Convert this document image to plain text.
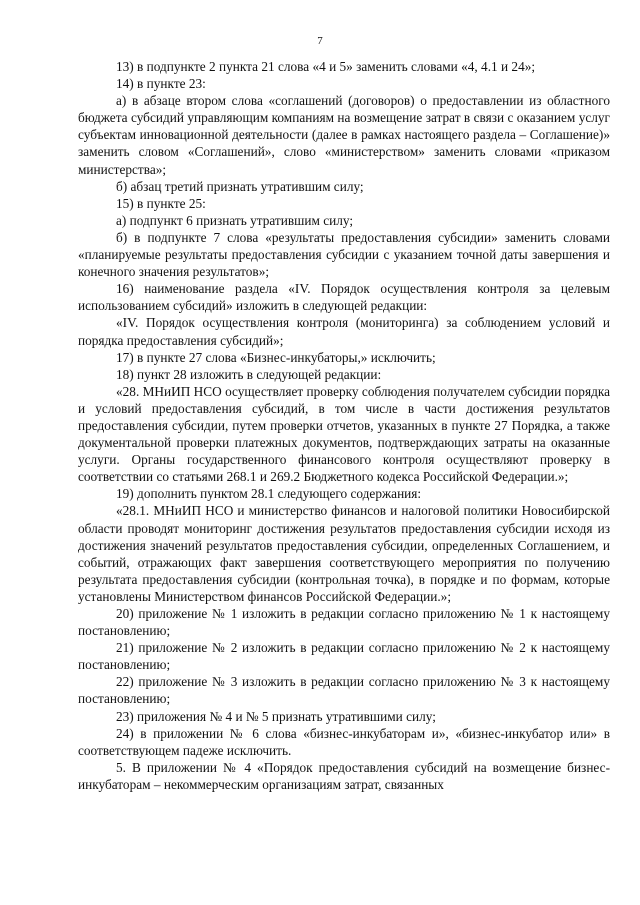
7

13) в подпункте 2 пункта 21 слова «4 и 5» заменить словами «4, 4.1 и 24»;

14) в пункте 23:

а) в абзаце втором слова «соглашений (договоров) о предоставлении из областного бюджета субсидий управляющим компаниям на возмещение затрат в связи с оказанием услуг субъектам инновационной деятельности (далее в рамках настоящего раздела – Соглашение)» заменить словом «Соглашений», слово «министерством» заменить словами «приказом министерства»;

б) абзац третий признать утратившим силу;

15) в пункте 25:

а) подпункт 6 признать утратившим силу;

б) в подпункте 7 слова «результаты предоставления субсидии» заменить словами «планируемые результаты предоставления субсидии с указанием точной даты завершения и конечного значения результатов»;

16) наименование раздела «IV. Порядок осуществления контроля за целевым использованием субсидий» изложить в следующей редакции:

«IV. Порядок осуществления контроля (мониторинга) за соблюдением условий и порядка предоставления субсидий»;

17) в пункте 27 слова «Бизнес-инкубаторы,» исключить;

18) пункт 28 изложить в следующей редакции:

«28. МНиИП НСО осуществляет проверку соблюдения получателем субсидии порядка и условий предоставления субсидий, в том числе в части достижения результатов предоставления субсидии, путем проверки отчетов, указанных в пункте 27 Порядка, а также документальной проверки платежных документов, подтверждающих затраты на оказанные услуги. Органы государственного финансового контроля осуществляют проверку в соответствии со статьями 268.1 и 269.2 Бюджетного кодекса Российской Федерации.»;

19) дополнить пунктом 28.1 следующего содержания:

«28.1. МНиИП НСО и министерство финансов и налоговой политики Новосибирской области проводят мониторинг достижения результатов предоставления субсидии исходя из достижения значений результатов предоставления субсидии, определенных Соглашением, и событий, отражающих факт завершения соответствующего мероприятия по получению результата предоставления субсидии (контрольная точка), в порядке и по формам, которые установлены Министерством финансов Российской Федерации.»;

20) приложение № 1 изложить в редакции согласно приложению № 1 к настоящему постановлению;

21) приложение № 2 изложить в редакции согласно приложению № 2 к настоящему постановлению;

22) приложение № 3 изложить в редакции согласно приложению № 3 к настоящему постановлению;

23) приложения № 4 и № 5 признать утратившими силу;

24) в приложении № 6 слова «бизнес-инкубаторам и», «бизнес-инкубатор или» в соответствующем падеже исключить.

5. В приложении № 4 «Порядок предоставления субсидий на возмещение бизнес-инкубаторам – некоммерческим организациям затрат, связанных
